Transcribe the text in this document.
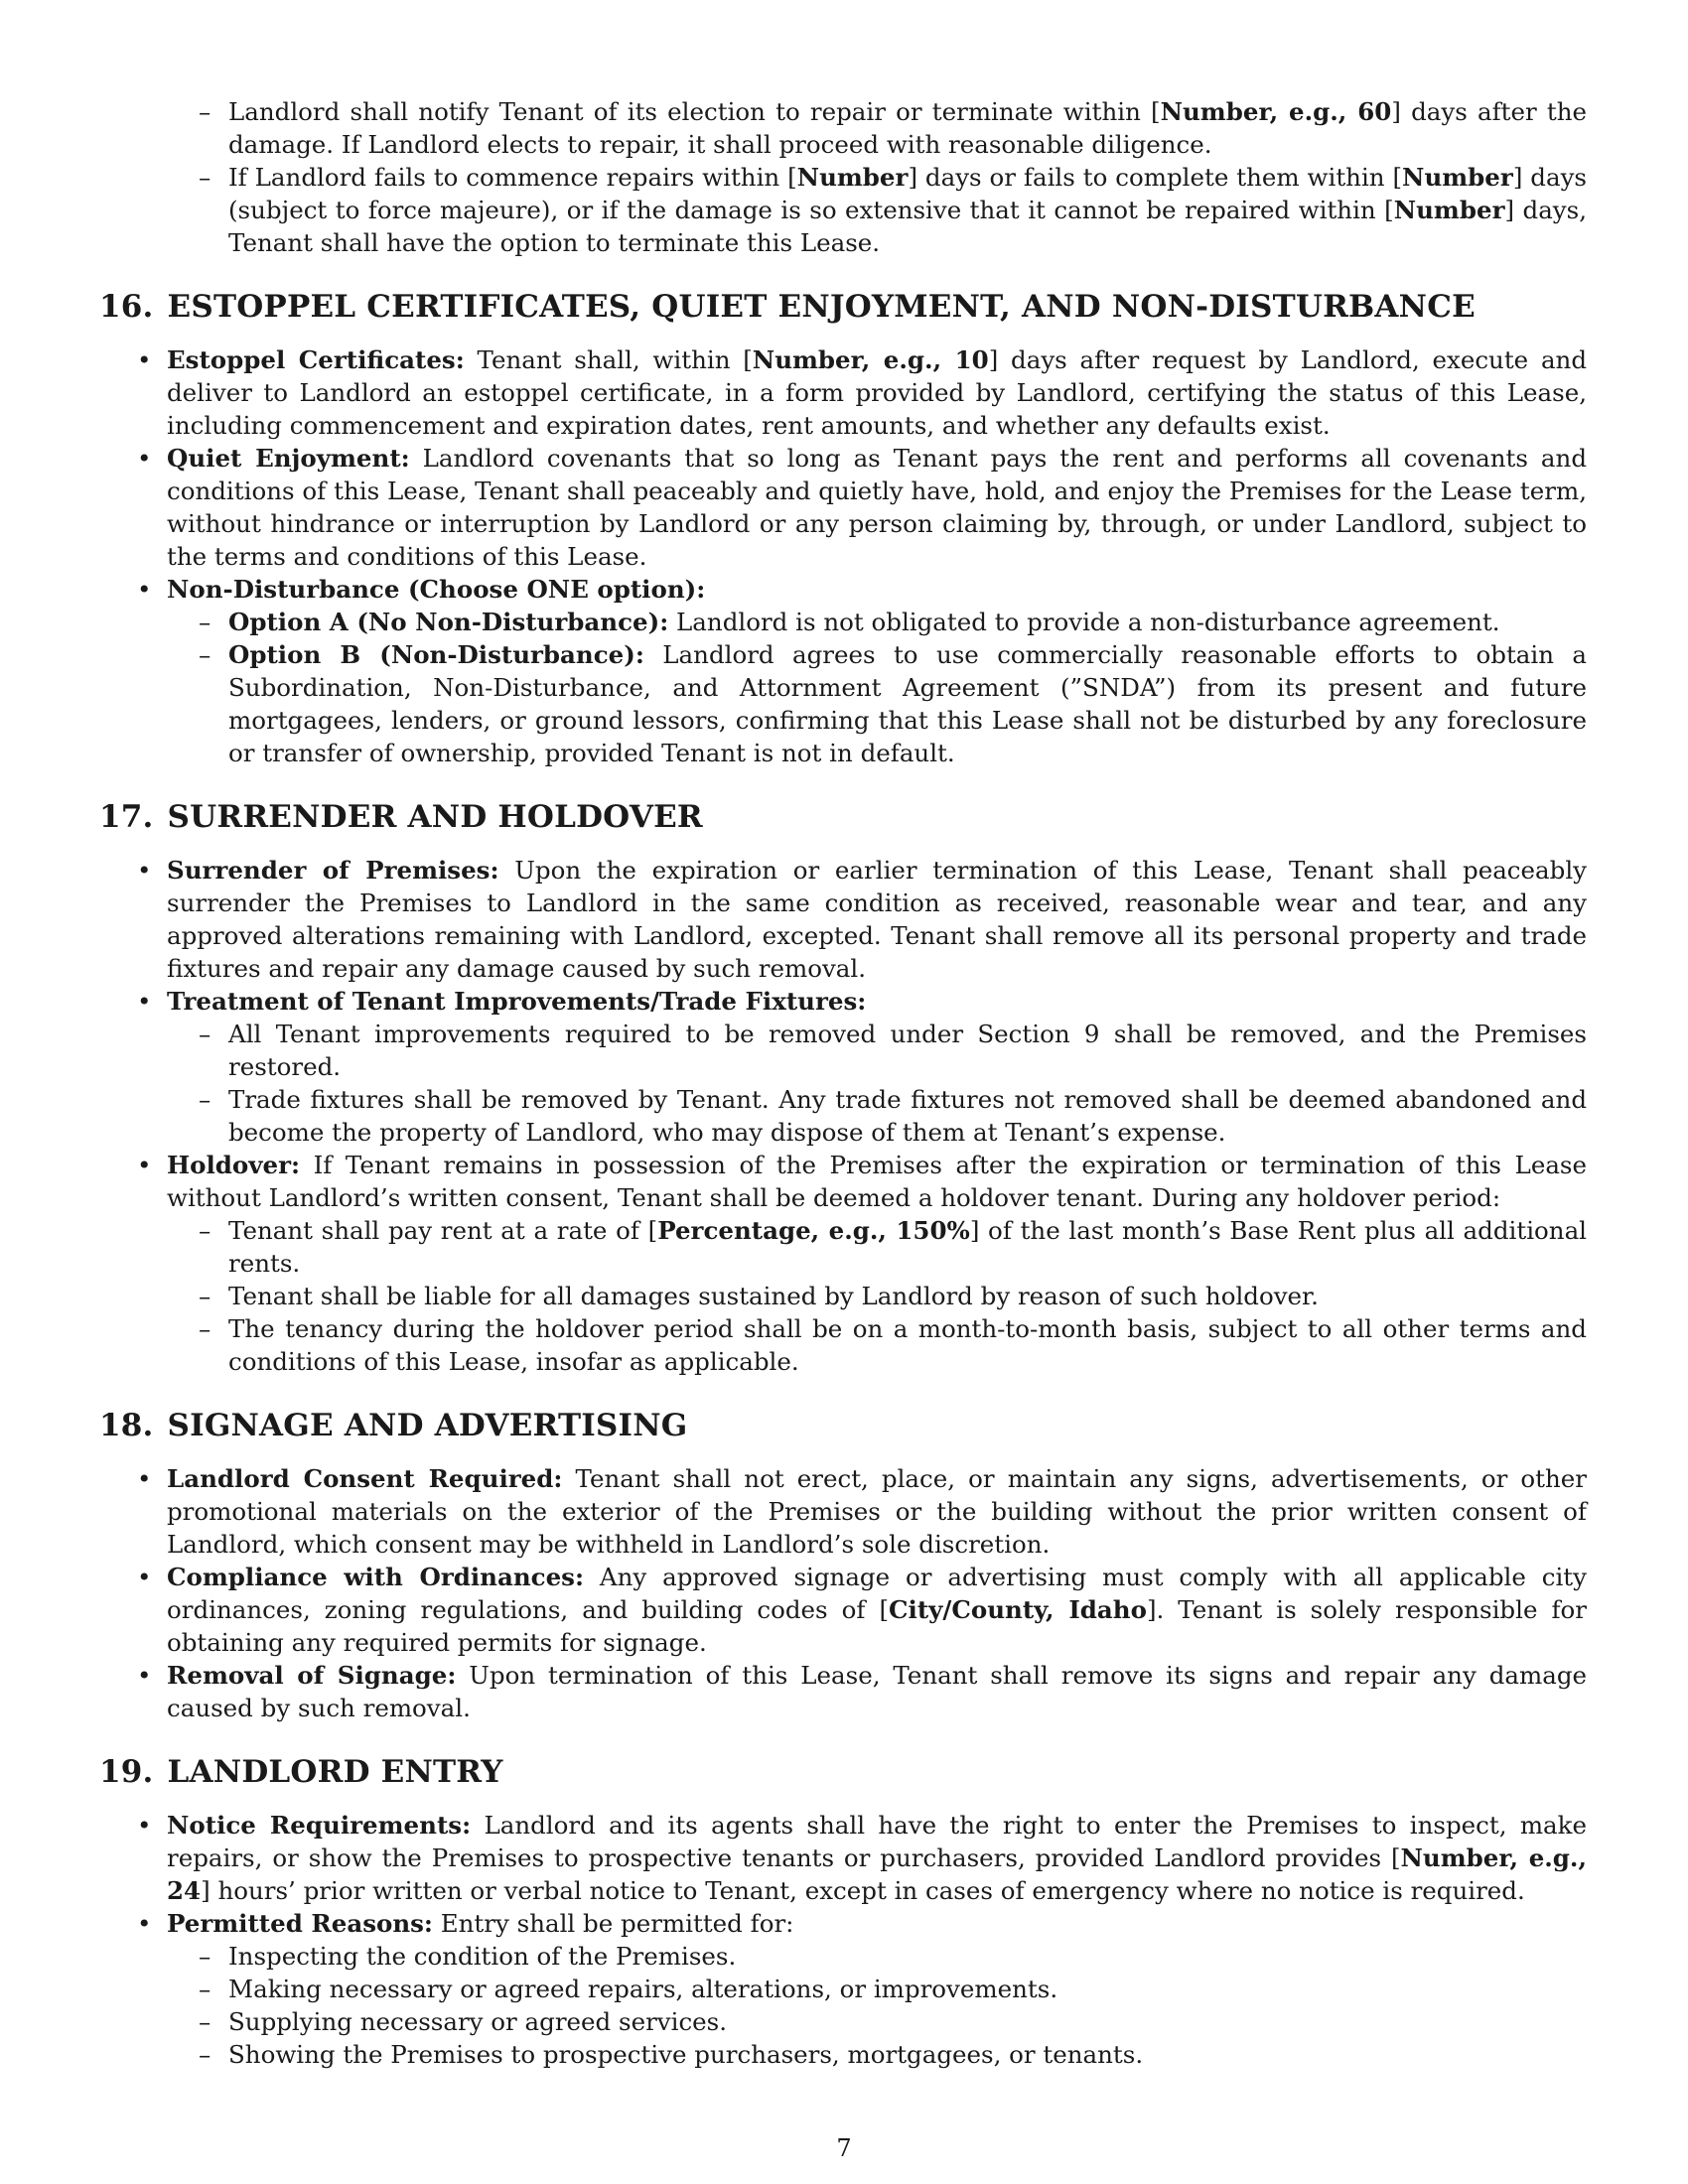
– Landlord shall notify Tenant of its election to repair or terminate within [Number, e.g., 60] days after the damage. If Landlord elects to repair, it shall proceed with reasonable diligence.
– If Landlord fails to commence repairs within [Number] days or fails to complete them within [Number] days (subject to force majeure), or if the damage is so extensive that it cannot be repaired within [Number] days, Tenant shall have the option to terminate this Lease.
16. ESTOPPEL CERTIFICATES, QUIET ENJOYMENT, AND NON-DISTURBANCE
• Estoppel Certificates: Tenant shall, within [Number, e.g., 10] days after request by Landlord, execute and deliver to Landlord an estoppel certificate, in a form provided by Landlord, certifying the status of this Lease, including commencement and expiration dates, rent amounts, and whether any defaults exist.
• Quiet Enjoyment: Landlord covenants that so long as Tenant pays the rent and performs all covenants and conditions of this Lease, Tenant shall peaceably and quietly have, hold, and enjoy the Premises for the Lease term, without hindrance or interruption by Landlord or any person claiming by, through, or under Landlord, subject to the terms and conditions of this Lease.
• Non-Disturbance (Choose ONE option):
– Option A (No Non-Disturbance): Landlord is not obligated to provide a non-disturbance agreement.
– Option B (Non-Disturbance): Landlord agrees to use commercially reasonable efforts to obtain a Subordination, Non-Disturbance, and Attornment Agreement (”SNDA”) from its present and future mortgagees, lenders, or ground lessors, confirming that this Lease shall not be disturbed by any foreclosure or transfer of ownership, provided Tenant is not in default.
17. SURRENDER AND HOLDOVER
• Surrender of Premises: Upon the expiration or earlier termination of this Lease, Tenant shall peaceably surrender the Premises to Landlord in the same condition as received, reasonable wear and tear, and any approved alterations remaining with Landlord, excepted. Tenant shall remove all its personal property and trade fixtures and repair any damage caused by such removal.
• Treatment of Tenant Improvements/Trade Fixtures:
– All Tenant improvements required to be removed under Section 9 shall be removed, and the Premises restored.
– Trade fixtures shall be removed by Tenant. Any trade fixtures not removed shall be deemed abandoned and become the property of Landlord, who may dispose of them at Tenant’s expense.
• Holdover: If Tenant remains in possession of the Premises after the expiration or termination of this Lease without Landlord’s written consent, Tenant shall be deemed a holdover tenant. During any holdover period:
– Tenant shall pay rent at a rate of [Percentage, e.g., 150%] of the last month’s Base Rent plus all additional rents.
– Tenant shall be liable for all damages sustained by Landlord by reason of such holdover.
– The tenancy during the holdover period shall be on a month-to-month basis, subject to all other terms and conditions of this Lease, insofar as applicable.
18. SIGNAGE AND ADVERTISING
• Landlord Consent Required: Tenant shall not erect, place, or maintain any signs, advertisements, or other promotional materials on the exterior of the Premises or the building without the prior written consent of Landlord, which consent may be withheld in Landlord’s sole discretion.
• Compliance with Ordinances: Any approved signage or advertising must comply with all applicable city ordinances, zoning regulations, and building codes of [City/County, Idaho]. Tenant is solely responsible for obtaining any required permits for signage.
• Removal of Signage: Upon termination of this Lease, Tenant shall remove its signs and repair any damage caused by such removal.
19. LANDLORD ENTRY
• Notice Requirements: Landlord and its agents shall have the right to enter the Premises to inspect, make repairs, or show the Premises to prospective tenants or purchasers, provided Landlord provides [Number, e.g., 24] hours’ prior written or verbal notice to Tenant, except in cases of emergency where no notice is required.
• Permitted Reasons: Entry shall be permitted for:
– Inspecting the condition of the Premises.
– Making necessary or agreed repairs, alterations, or improvements.
– Supplying necessary or agreed services.
– Showing the Premises to prospective purchasers, mortgagees, or tenants.
7
